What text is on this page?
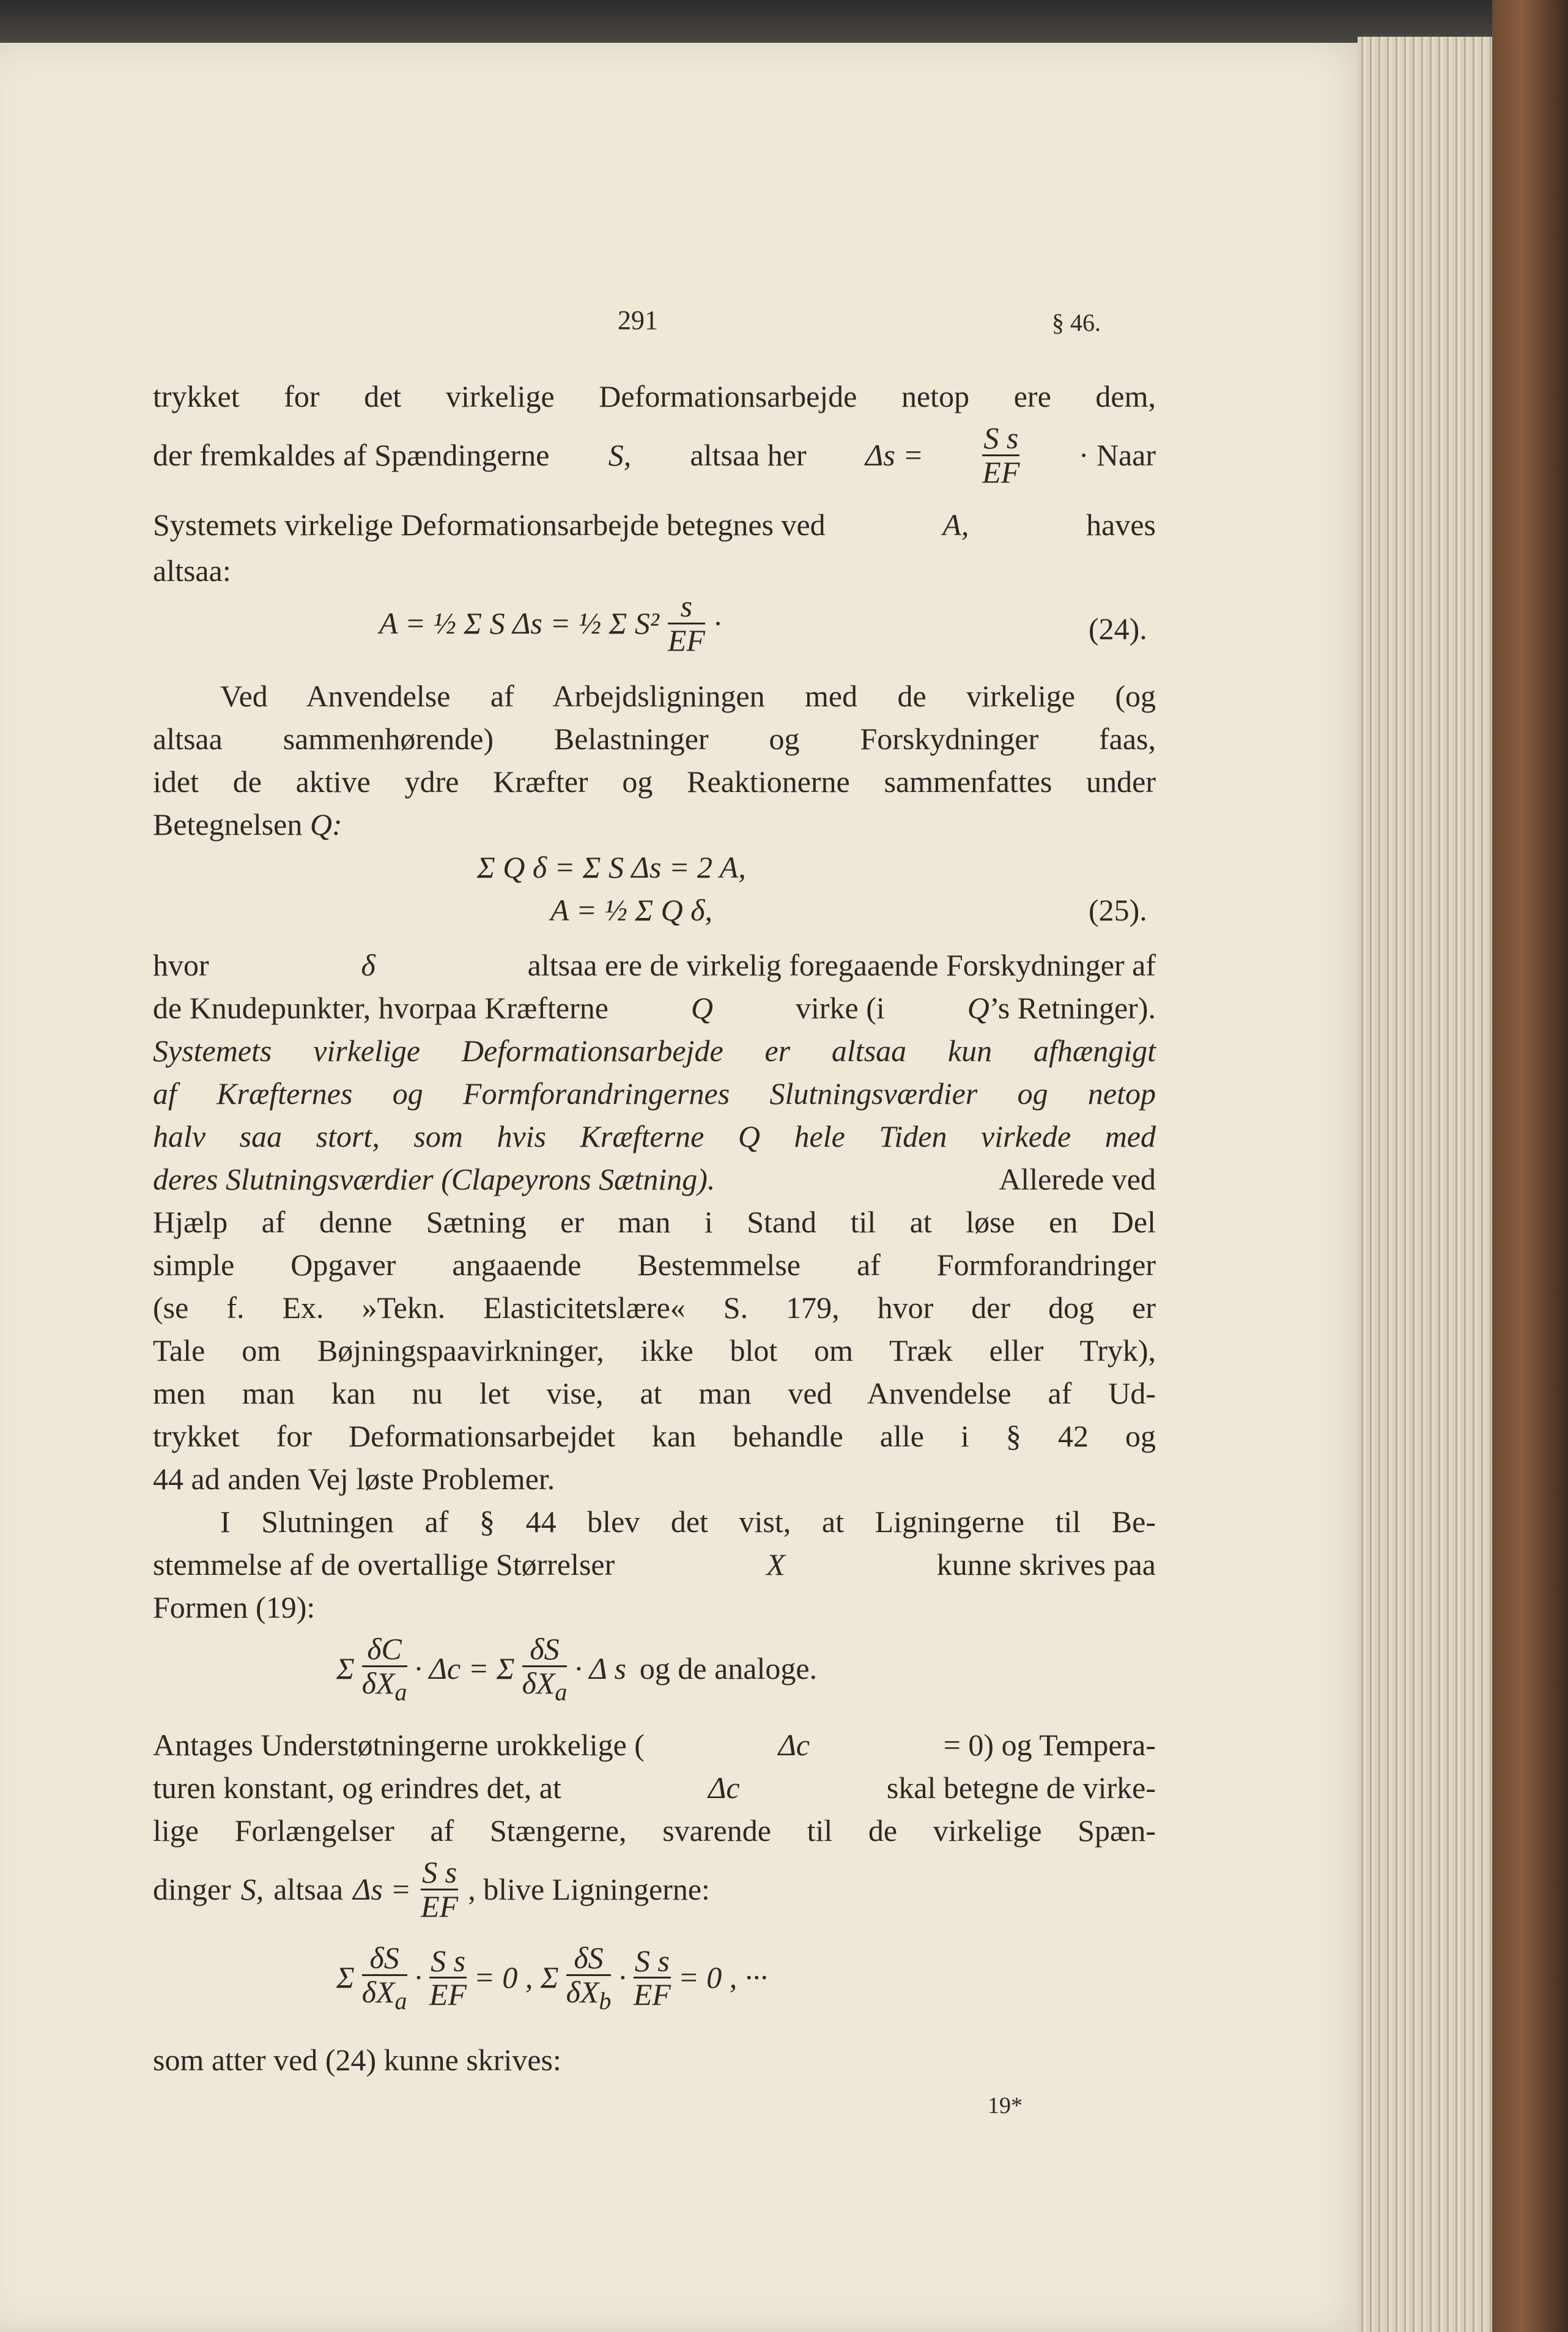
291	§ 46.
trykket for det virkelige Deformationsarbejde netop ere dem,
der fremkaldes af Spændingerne S, altsaa her $\Delta s = \frac{\text{S s}}{EF}$ · Naar
Systemets virkelige Deformationsarbejde betegnes ved	A,	haves
altsaa:
A = ½ Σ S Δs = ½ Σ $S^2 \frac{s}{EF}$ ·	(24).
Ved Anvendelse af Arbejdsligningen med de virkelige (og
altsaa sammenhørende) Belastninger og Forskydninger faas,
idet de aktive ydre Kræfter og Reaktionerne sammenfattes under
Betegnelsen Q:
Σ Q δ = Σ S Δs = 2 A,
A = ½ Σ Q δ,	(25).
hvor	δ	altsaa ere de virkelig foregaaende Forskydninger af
de Knudepunkter, hvorpaa Kræfterne	Q	virke (i	Q’s Retninger).
Systemets virkelige Deformationsarbejde er altsaa kun afhængigt
af Kræfternes og Formforandringernes Slutningsværdier og netop
halv saa stort, som hvis Kræfterne Q hele Tiden virkede med
deres Slutningsværdier (Clapeyrons Sætning).	Allerede ved
Hjælp af denne Sætning er man i Stand til at løse en Del
simple Opgaver angaaende Bestemmelse af Formforandringer
(se f. Ex. »Tekn. Elasticitetslære« S. 179, hvor der dog er
Tale om Bøjningspaavirkninger, ikke blot om Træk eller Tryk),
men man kan nu let vise, at man ved Anvendelse af Ud-
trykket for Deformationsarbejdet kan behandle alle i § 42 og
44 ad anden Vej løste Problemer.
I Slutningen af § 44 blev det vist, at Ligningerne til Be-
stemmelse af de overtallige Størrelser	X	kunne skrives paa
Formen (19):
Σ $\frac{\delta C}{\delta X_a} \cdot \Delta c = \Sigma \frac{\delta S}{\delta X_a} \cdot \Delta$ s og de analoge.
Antages Understøtningerne urokkelige (	Δc	= 0) og Tempera-
turen konstant, og erindres det, at	Δc	skal betegne de virke-
lige Forlængelser af Stængerne, svarende til de virkelige Spæn-
dinger S, altsaa $\Delta s = \frac{\text{S s}}{EF}$ , blive Ligningerne:
Σ $\frac{\delta S}{\delta X_a} \cdot \frac{\text{S s}}{EF} = 0$ , Σ $\frac{\delta S}{\delta X_b} \cdot \frac{\text{S s}}{EF} = 0$ , ···
som atter ved (24) kunne skrives:
19*
